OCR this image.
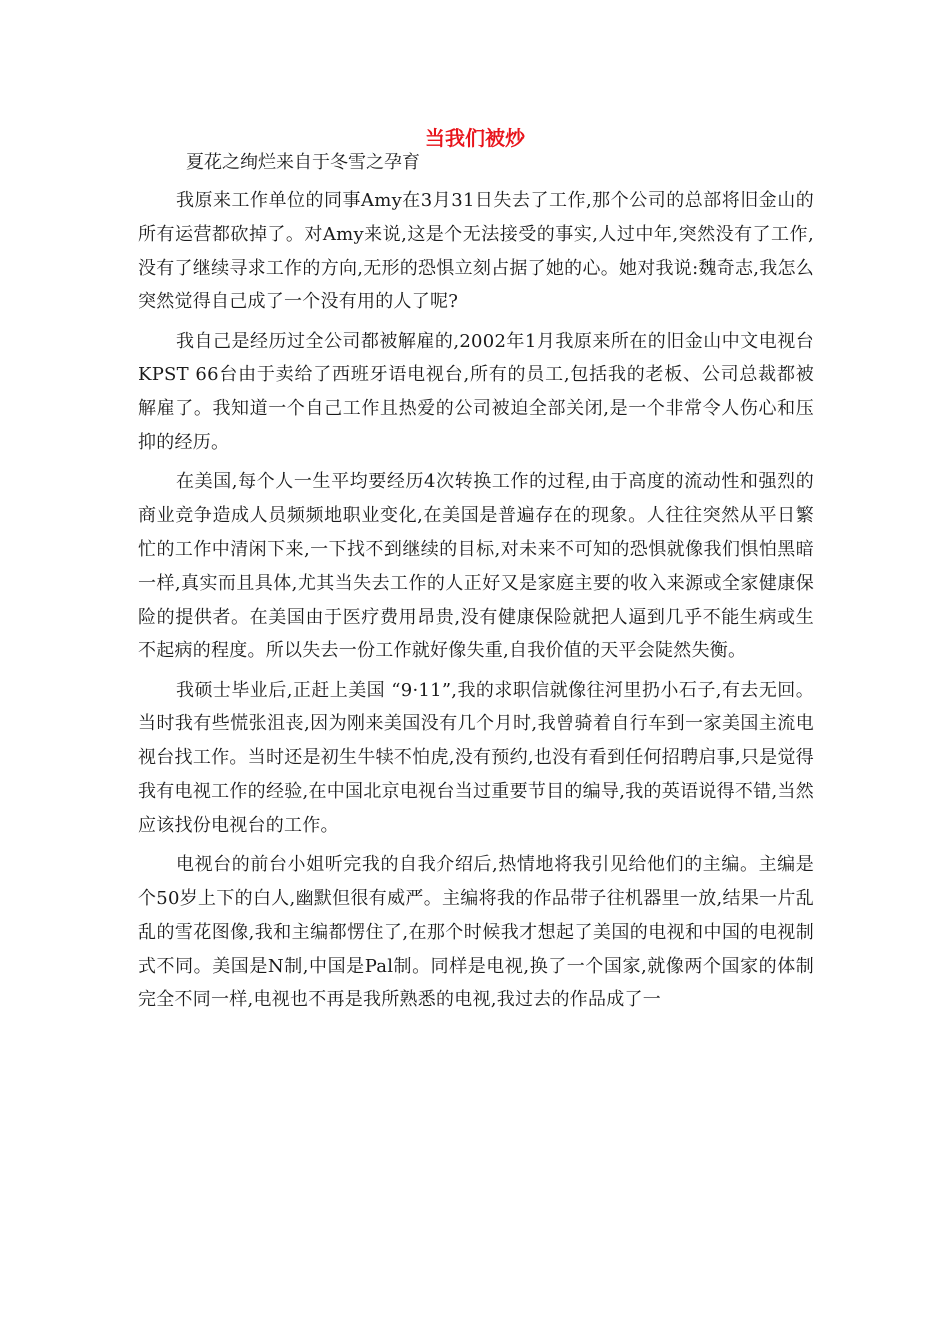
当我们被炒

夏花之绚烂来自于冬雪之孕育

我原来工作单位的同事Amy在3月31日失去了工作,那个公司的总部将旧金山的所有运营都砍掉了。对Amy来说,这是个无法接受的事实,人过中年,突然没有了工作,没有了继续寻求工作的方向,无形的恐惧立刻占据了她的心。她对我说:魏奇志,我怎么突然觉得自己成了一个没有用的人了呢?

我自己是经历过全公司都被解雇的,2002年1月我原来所在的旧金山中文电视台KPST 66台由于卖给了西班牙语电视台,所有的员工,包括我的老板、公司总裁都被解雇了。我知道一个自己工作且热爱的公司被迫全部关闭,是一个非常令人伤心和压抑的经历。

在美国,每个人一生平均要经历4次转换工作的过程,由于高度的流动性和强烈的商业竞争造成人员频频地职业变化,在美国是普遍存在的现象。人往往突然从平日繁忙的工作中清闲下来,一下找不到继续的目标,对未来不可知的恐惧就像我们惧怕黑暗一样,真实而且具体,尤其当失去工作的人正好又是家庭主要的收入来源或全家健康保险的提供者。在美国由于医疗费用昂贵,没有健康保险就把人逼到几乎不能生病或生不起病的程度。所以失去一份工作就好像失重,自我价值的天平会陡然失衡。

我硕士毕业后,正赶上美国 “9·11”,我的求职信就像往河里扔小石子,有去无回。当时我有些慌张沮丧,因为刚来美国没有几个月时,我曾骑着自行车到一家美国主流电视台找工作。当时还是初生牛犊不怕虎,没有预约,也没有看到任何招聘启事,只是觉得我有电视工作的经验,在中国北京电视台当过重要节目的编导,我的英语说得不错,当然应该找份电视台的工作。

电视台的前台小姐听完我的自我介绍后,热情地将我引见给他们的主编。主编是个50岁上下的白人,幽默但很有威严。主编将我的作品带子往机器里一放,结果一片乱乱的雪花图像,我和主编都愣住了,在那个时候我才想起了美国的电视和中国的电视制式不同。美国是N制,中国是Pal制。同样是电视,换了一个国家,就像两个国家的体制完全不同一样,电视也不再是我所熟悉的电视,我过去的作品成了一
